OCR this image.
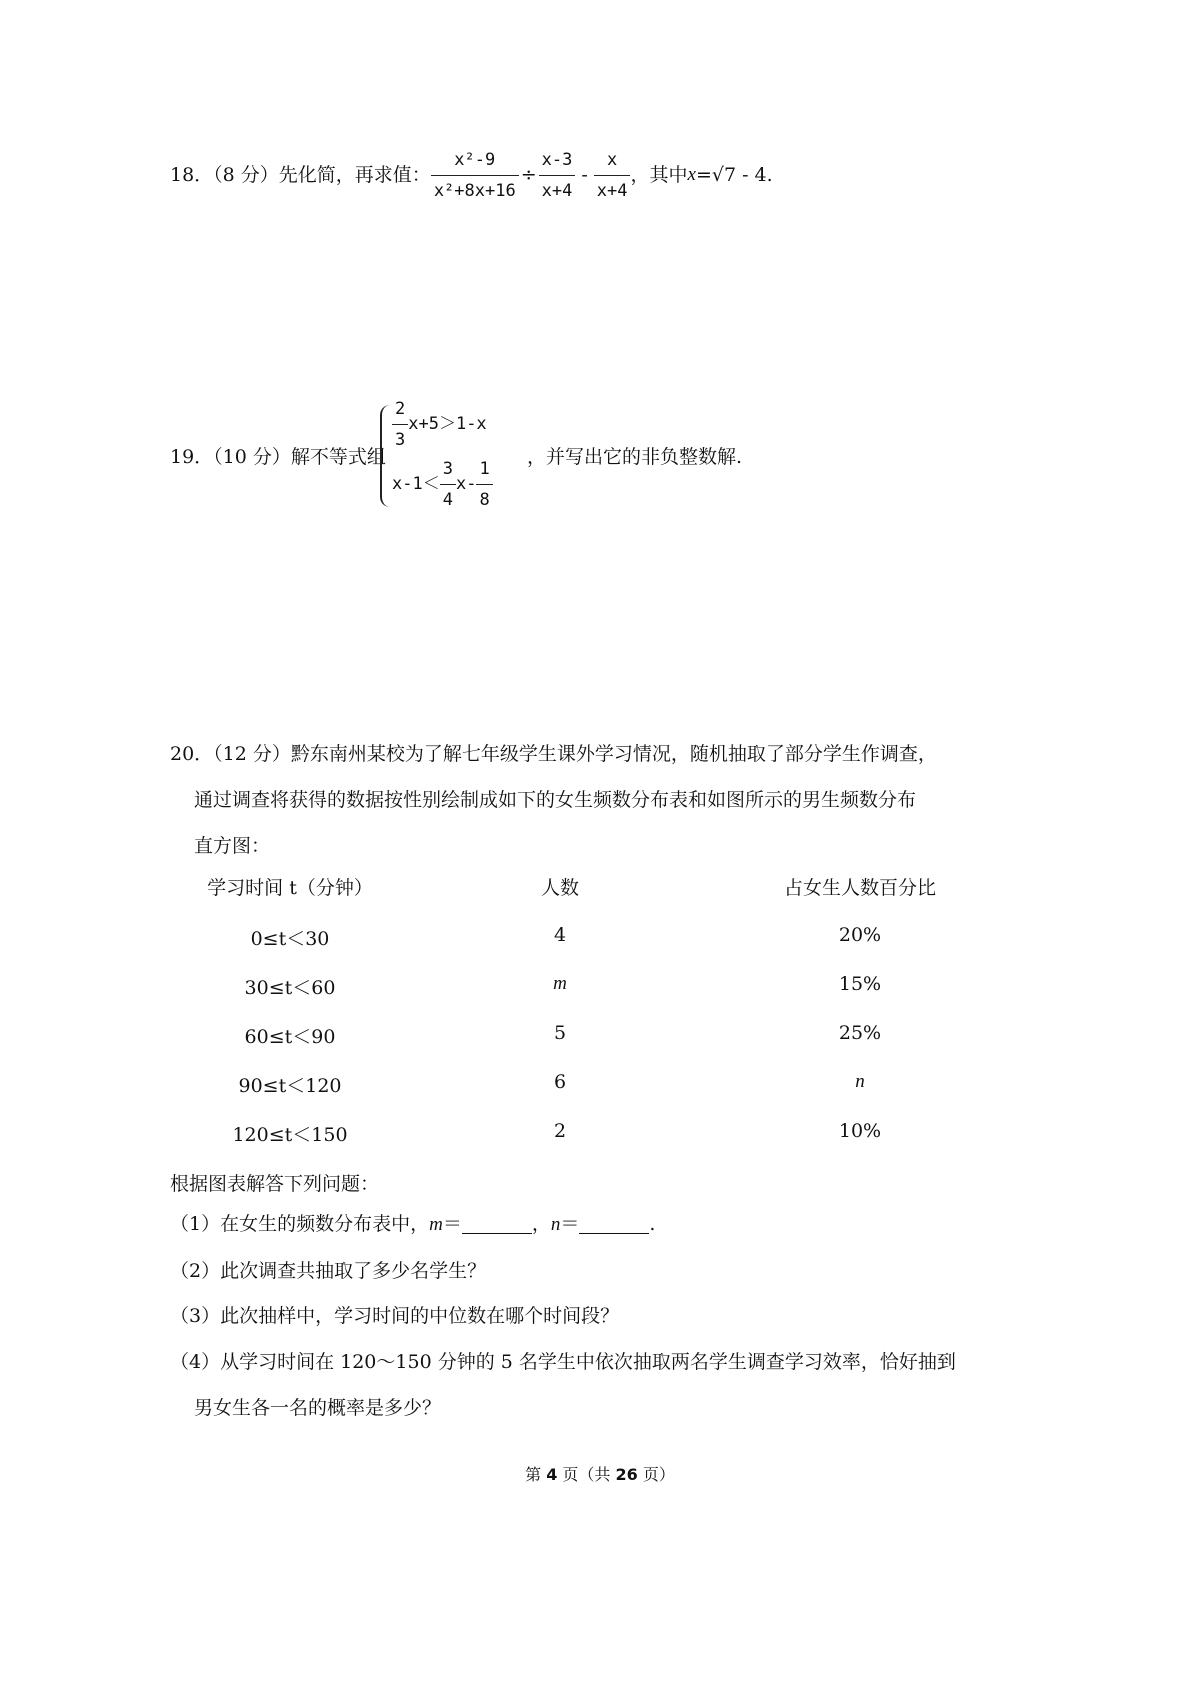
18．（8 分）先化简，再求值： $\frac{\text{x²-9}}{\text{x²+8x+16}} \div \frac{x-3}{x+4} - \frac{x}{x+4}$ ，其中 x =√7 - 4.
19．（10 分）解不等式组
$\frac{2}{3} x+5>1-x$
$x-1< \frac{3}{4} x- \frac{1}{8}$ ，并写出它的非负整数解.
20．（12 分）黔东南州某校为了解七年级学生课外学习情况，随机抽取了部分学生作调查，
通过调查将获得的数据按性别绘制成如下的女生频数分布表和如图所示的男生频数分布
直方图：
学习时间 t（分钟）	人数	占女生人数百分比
0≤t＜30	4	20%
30≤t＜60	m	15%
60≤t＜90	5	25%
90≤t＜120	6	n
120≤t＜150	2	10%
根据图表解答下列问题：
（1）在女生的频数分布表中，m＝	，n＝	.
（2）此次调查共抽取了多少名学生？
（3）此次抽样中，学习时间的中位数在哪个时间段？
（4）从学习时间在 120～150 分钟的 5 名学生中依次抽取两名学生调查学习效率，恰好抽到
男女生各一名的概率是多少？
第 4 页（共 26 页）
